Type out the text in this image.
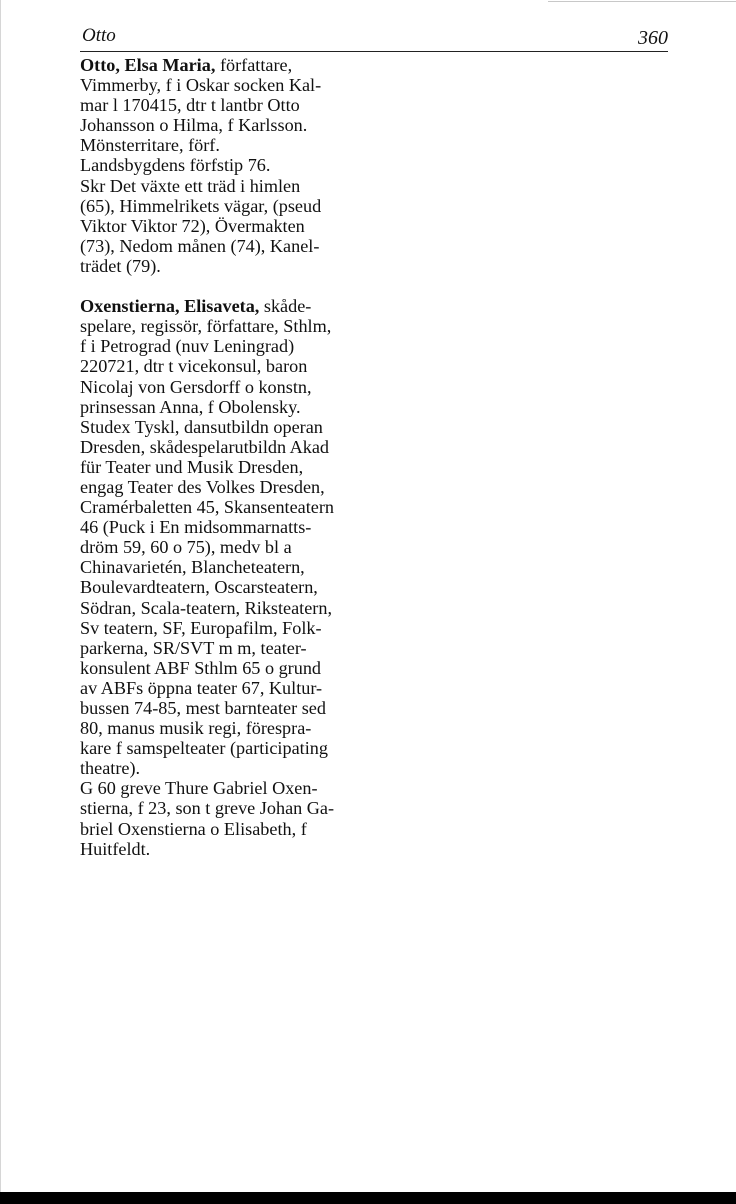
Otto	360
Otto, Elsa Maria, författare,
Vimmerby, f i Oskar socken Kal-
mar l 170415, dtr t lantbr Otto
Johansson o Hilma, f Karlsson.
Mönsterritare, förf.
Landsbygdens förfstip 76.
Skr Det växte ett träd i himlen
(65), Himmelrikets vägar, (pseud
Viktor Viktor 72), Övermakten
(73), Nedom månen (74), Kanel-
trädet (79).
Oxenstierna, Elisaveta, skåde-
spelare, regissör, författare, Sthlm,
f i Petrograd (nuv Leningrad)
220721, dtr t vicekonsul, baron
Nicolaj von Gersdorff o konstn,
prinsessan Anna, f Obolensky.
Studex Tyskl, dansutbildn operan
Dresden, skådespelarutbildn Akad
für Teater und Musik Dresden,
engag Teater des Volkes Dresden,
Cramérbaletten 45, Skansenteatern
46 (Puck i En midsommarnatts-
dröm 59, 60 o 75), medv bl a
Chinavarietén, Blancheteatern,
Boulevardteatern, Oscarsteatern,
Södran, Scala-teatern, Riksteatern,
Sv teatern, SF, Europafilm, Folk-
parkerna, SR/SVT m m, teater-
konsulent ABF Sthlm 65 o grund
av ABFs öppna teater 67, Kultur-
bussen 74-85, mest barnteater sed
80, manus musik regi, förespra-
kare f samspelteater (participating
theatre).
G 60 greve Thure Gabriel Oxen-
stierna, f 23, son t greve Johan Ga-
briel Oxenstierna o Elisabeth, f
Huitfeldt.
